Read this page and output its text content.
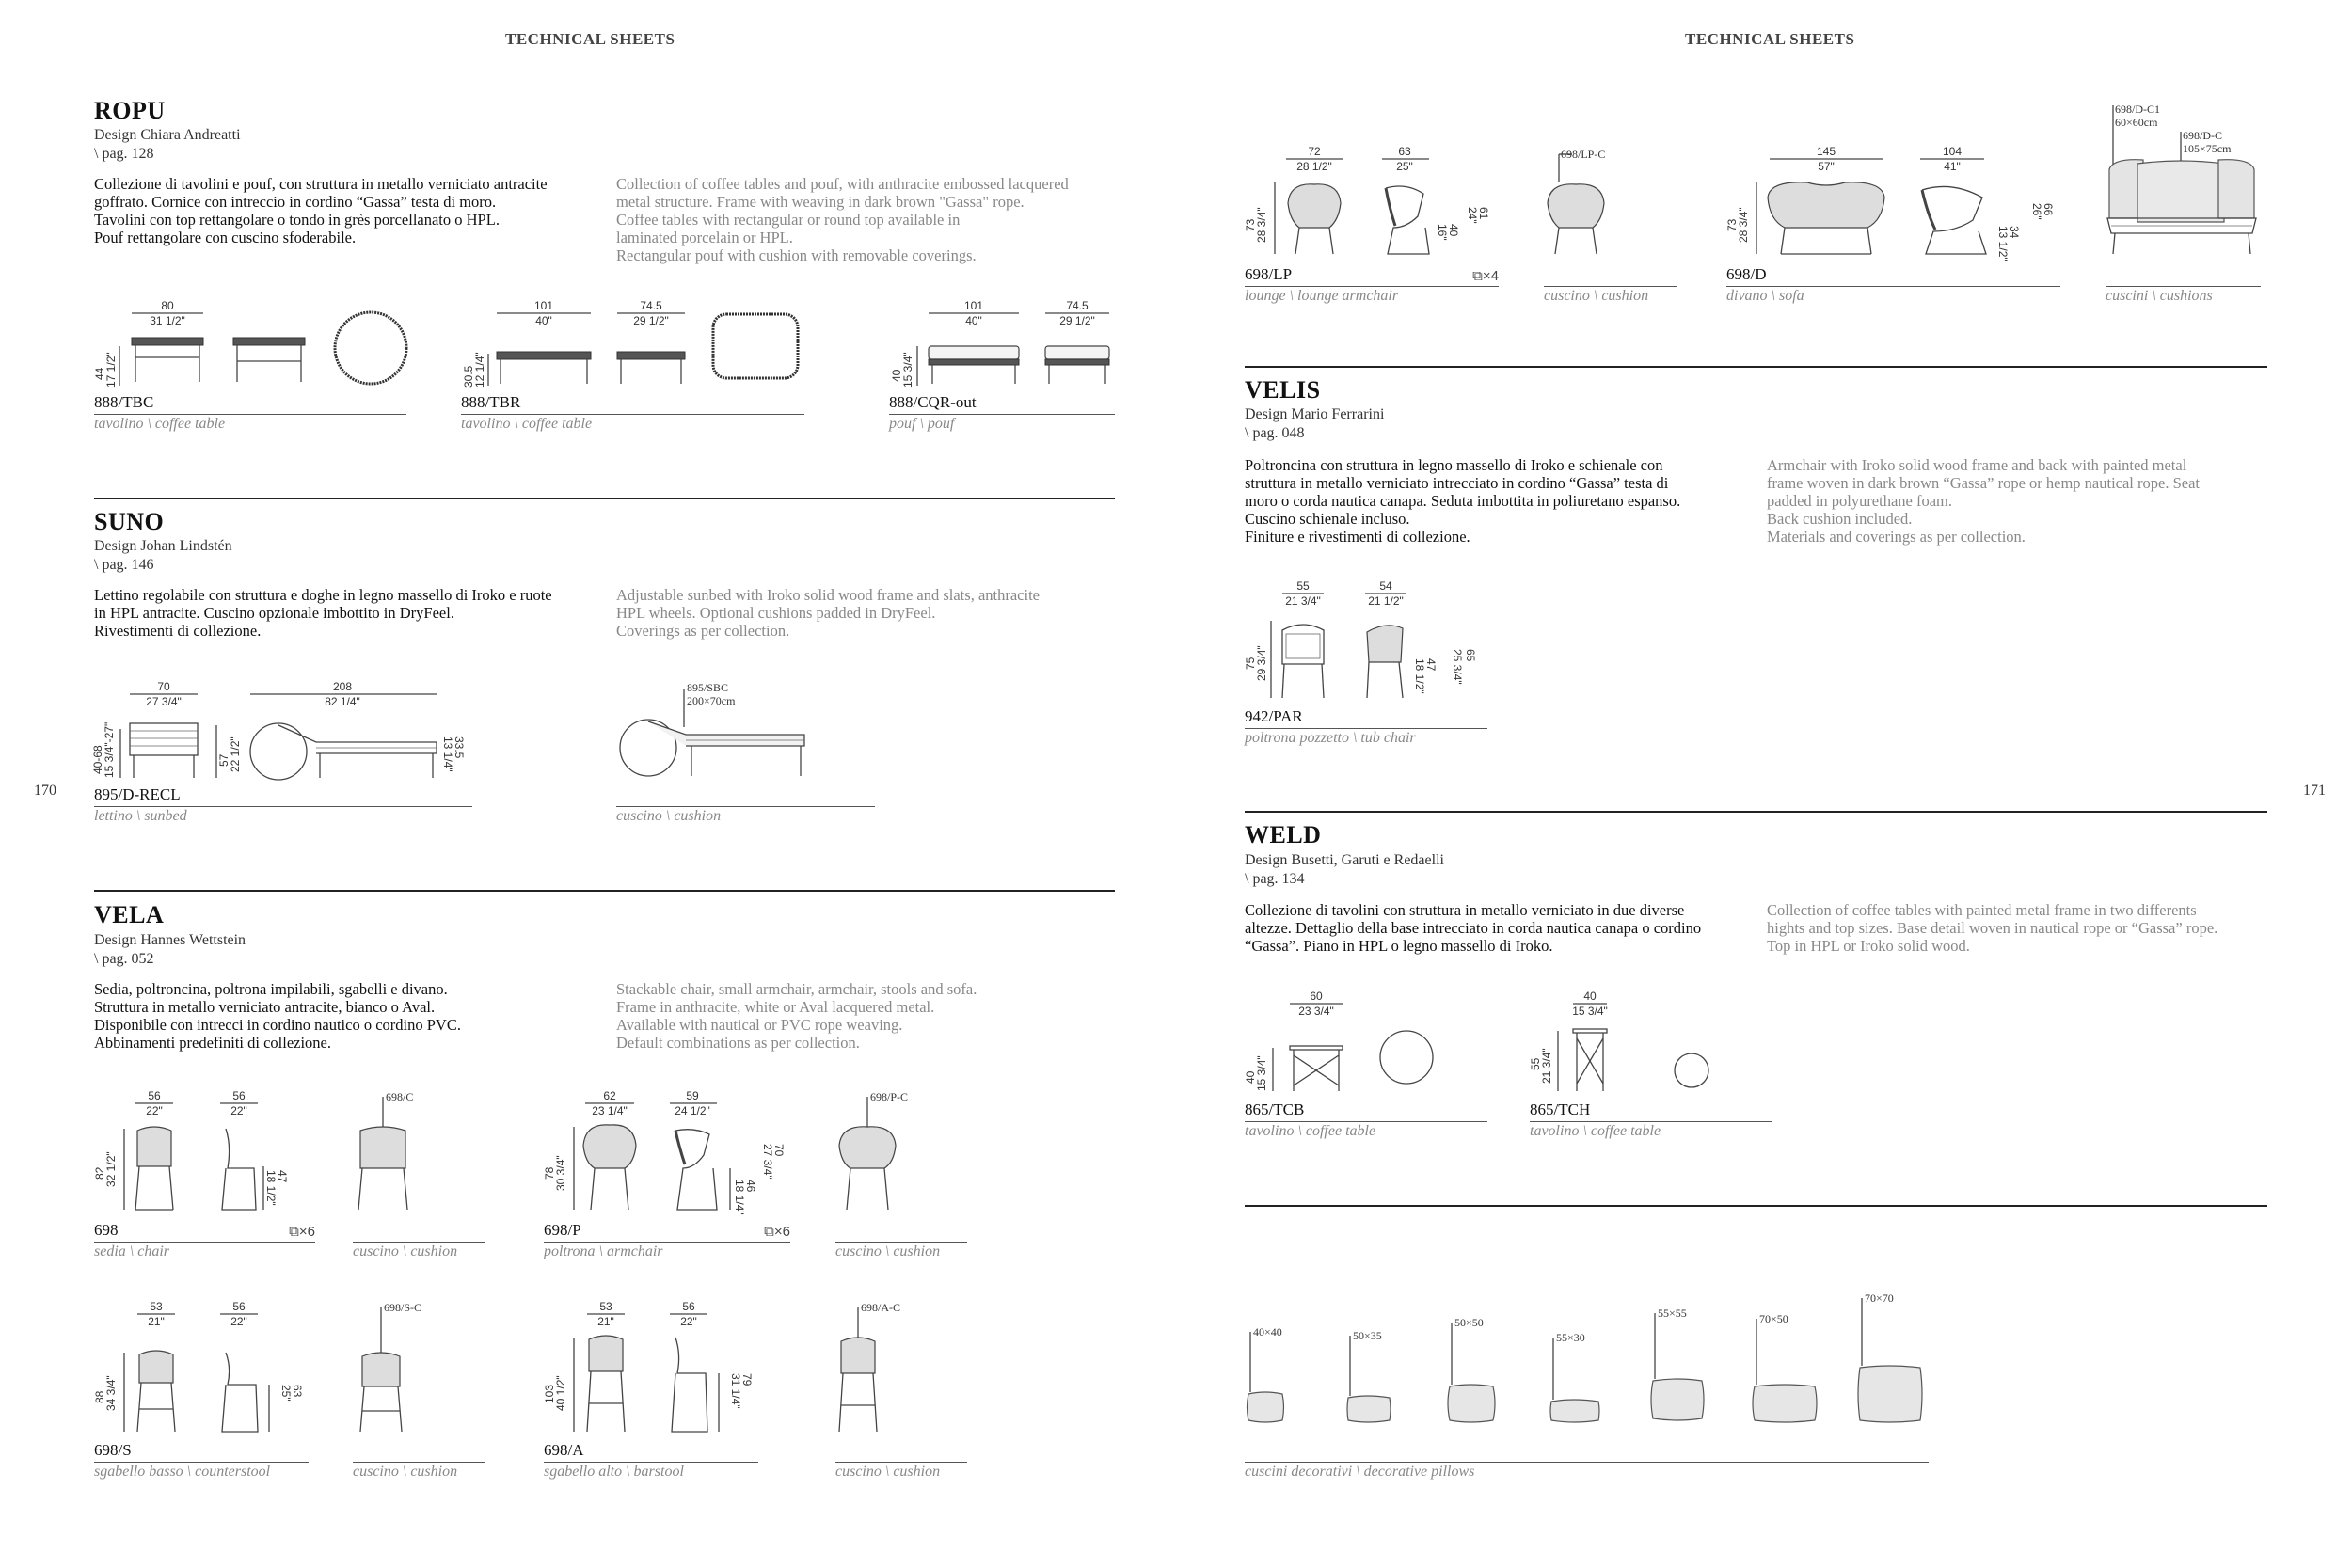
TECHNICAL SHEETS	TECHNICAL SHEETS
170	171
ROPU
Design Chiara Andreatti
\ pag. 128
Collezione di tavolini e pouf, con struttura in metallo verniciato antracite
goffrato. Cornice con intreccio in cordino “Gassa” testa di moro.
Tavolini con top rettangolare o tondo in grès porcellanato o HPL.
Pouf rettangolare con cuscino sfoderabile.
Collection of coffee tables and pouf, with anthracite embossed lacquered
metal structure. Frame with weaving in dark brown "Gassa" rope.
Coffee tables with rectangular or round top available in
laminated porcelain or HPL.
Rectangular pouf with cushion with removable coverings.
80
31 1/2"
44
17 1/2"
888/TBC
tavolino \ coffee table
101
40"
74.5
29 1/2"
30.5
12 1/4"
888/TBR
tavolino \ coffee table
101
40"
74.5
29 1/2"
40
15 3/4"
888/CQR-out
pouf \ pouf
SUNO
Design Johan Lindstén
\ pag. 146
Lettino regolabile con struttura e doghe in legno massello di Iroko e ruote
in HPL antracite. Cuscino opzionale imbottito in DryFeel.
Rivestimenti di collezione.
Adjustable sunbed with Iroko solid wood frame and slats, anthracite
HPL wheels. Optional cushions padded in DryFeel.
Coverings as per collection.
70
27 3/4"
208
82 1/4"
40-68
15 3/4"-27"	57
22 1/2"	33.5
13 1/4"
895/D-RECL
lettino \ sunbed
895/SBC
200×70cm
cuscino \ cushion
VELA
Design Hannes Wettstein
\ pag. 052
Sedia, poltroncina, poltrona impilabili, sgabelli e divano.
Struttura in metallo verniciato antracite, bianco o Aval.
Disponibile con intrecci in cordino nautico o cordino PVC.
Abbinamenti predefiniti di collezione.
Stackable chair, small armchair, armchair, stools and sofa.
Frame in anthracite, white or Aval lacquered metal.
Available with nautical or PVC rope weaving.
Default combinations as per collection.
56
22"
56
22"
82
32 1/2"	47
18 1/2"
698	⧉×6
sedia \ chair
698/C
cuscino \ cushion
62
23 1/4"
59
24 1/2"
78
30 3/4"	46
18 1/4"
70
27 3/4"
698/P	⧉×6
poltrona \ armchair
698/P-C
cuscino \ cushion
53
21"
56
22"
88
34 3/4"	63
25"
698/S
sgabello basso \ counterstool
698/S-C
cuscino \ cushion
53
21"
56
22"
103
40 1/2"	79
31 1/4"
698/A
sgabello alto \ barstool
698/A-C
cuscino \ cushion
72
28 1/2"
63
25"
73
28 3/4"	40
16"
61
24"
698/LP	⧉×4
lounge \ lounge armchair
698/LP-C
cuscino \ cushion
145
57"
104
41"
73
28 3/4"	34
13 1/2"
66
26"
698/D
divano \ sofa
698/D-C1
60×60cm
698/D-C
105×75cm
cuscini \ cushions
VELIS
Design Mario Ferrarini
\ pag. 048
Poltroncina con struttura in legno massello di Iroko e schienale con
struttura in metallo verniciato intrecciato in cordino “Gassa” testa di
moro o corda nautica canapa. Seduta imbottita in poliuretano espanso.
Cuscino schienale incluso.
Finiture e rivestimenti di collezione.
Armchair with Iroko solid wood frame and back with painted metal
frame woven in dark brown “Gassa” rope or hemp nautical rope. Seat
padded in polyurethane foam.
Back cushion included.
Materials and coverings as per collection.
55
21 3/4"
54
21 1/2"
75
29 3/4"	47
18 1/2"
65
25 3/4"
942/PAR
poltrona pozzetto \ tub chair
WELD
Design Busetti, Garuti e Redaelli
\ pag. 134
Collezione di tavolini con struttura in metallo verniciato in due diverse
altezze. Dettaglio della base intrecciato in corda nautica canapa o cordino
“Gassa”. Piano in HPL o legno massello di Iroko.
Collection of coffee tables with painted metal frame in two differents
hights and top sizes. Base detail woven in nautical rope or “Gassa” rope.
Top in HPL or Iroko solid wood.
60
23 3/4"
40
15 3/4"
865/TCB
tavolino \ coffee table
40
15 3/4"
55
21 3/4"
865/TCH
tavolino \ coffee table
40×40	50×35
50×50
55×30
55×55	70×50
70×70
cuscini decorativi \ decorative pillows
